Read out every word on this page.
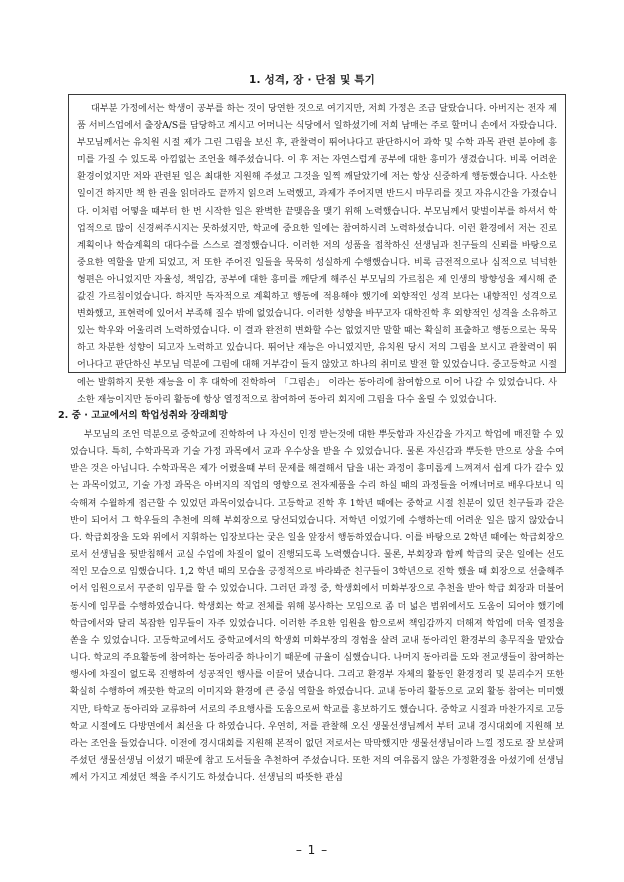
1. 성격, 장 · 단점 및 특기

대부분 가정에서는 학생이 공부를 하는 것이 당연한 것으로 여기지만, 저희 가정은 조금 달랐습니다. 아버지는 전자 제품 서비스업에서 출장A/S를 담당하고 계시고 어머니는 식당에서 일하셨기에 저희 남매는 주로 할머니 손에서 자랐습니다. 부모님께서는 유치원 시절 제가 그린 그림을 보신 후, 관찰력이 뛰어나다고 판단하시어 과학 및 수학 과목 관련 분야에 흥미를 가질 수 있도록 아낌없는 조언을 해주셨습니다. 이 후 저는 자연스럽게 공부에 대한 흥미가 생겼습니다. 비록 어려운 환경이었지만 저와 관련된 일은 최대한 지원해 주셨고 그것을 일찍 깨달았기에 저는 항상 신중하게 행동했습니다. 사소한 일이건 하지만 책 한 권을 읽더라도 끝까지 읽으려 노력했고, 과제가 주어지면 반드시 마무리를 짓고 자유시간을 가졌습니다. 이처럼 어떻을 때부터 한 번 시작한 일은 완벽한 끝맺음을 맺기 위해 노력했습니다. 부모님께서 맞벌이부를 하셔서 학업적으로 많이 신경써주시지는 못하셨지만, 학교에 중요한 일에는 참여하시려 노력하셨습니다. 이런 환경에서 저는 진로 계획이나 학습계획의 대다수를 스스로 결정했습니다. 이러한 저의 성품을 접착하신 선생님과 친구들의 신뢰를 바탕으로 중요한 역할을 맡게 되었고, 저 또한 주어진 일들을 묵묵히 성실하게 수행했습니다. 비록 금전적으로나 심적으로 넉넉한 형편은 아니었지만 자율성, 책임감, 공부에 대한 흥미를 깨닫게 해주신 부모님의 가르침은 제 인생의 방향성을 제시해 준 값진 가르침이었습니다. 하지만 독자적으로 계획하고 행동에 적용해야 했기에 외향적인 성격 보다는 내향적인 성격으로 변화했고, 표현력에 있어서 부족해 질수 밖에 없었습니다. 이러한 성향을 바꾸고자 대학진학 후 외향적인 성격을 소유하고 있는 학우와 어울리려 노력하였습니다. 이 결과 완전히 변화할 수는 없었지만 말할 때는 확실히 표출하고 행동으로는 묵묵하고 차분한 성향이 되고자 노력하고 있습니다. 뛰어난 재능은 아니였지만, 유치원 당시 저의 그림을 보시고 관찰력이 뛰어나다고 판단하신 부모님 덕분에 그림에 대해 거부감이 들지 않았고 하나의 취미로 발전 할 있었습니다. 중고등학교 시절에는 발휘하지 못한 재능을 이 후 대학에 진학하여 「그림손」 이라는 동아리에 참여함으로 이어 나갈 수 있었습니다. 사소한 재능이지만 동아리 활동에 항상 열정적으로 참여하여 동아리 회지에 그림을 다수 올릴 수 있었습니다.

2. 중 · 고교에서의 학업성취와 장래희망

부모님의 조언 덕분으로 중학교에 진학하여 나 자신이 인정 받는것에 대한 뿌듯함과 자신감을 가지고 학업에 매진할 수 있었습니다. 특히, 수학과목과 기술 가정 과목에서 교과 우수상을 받을 수 있었습니다. 물론 자신감과 뿌듯한 만으로 상을 수여받은 것은 아닙니다. 수학과목은 제가 어렸을때 부터 문제를 해결해서 답을 내는 과정이 흥미롭게 느껴져서 쉽게 다가 갈수 있는 과목이었고, 기술 가정 과목은 아버지의 직업의 영향으로 전자제품을 수리 하실 때의 과정들을 어깨너머로 배우다보니 익숙해져 수월하게 접근할 수 있었던 과목이었습니다. 고등학교 진학 후 1학년 때에는 중학교 시절 친분이 있던 친구들과 같은 반이 되어서 그 학우들의 추천에 의해 부회장으로 당선되었습니다. 저학년 이었기에 수행하는데 어려운 일은 많지 않았습니다. 학급회장을 도와 위에서 지휘하는 입장보다는 궂은 일을 앞장서 행동하였습니다. 이를 바탕으로 2학년 때에는 학급회장으로서 선생님을 뒷받침해서 교실 수업에 차질이 없이 진행되도록 노력했습니다. 물론, 부회장과 함께 학급의 궂은 일에는 선도적인 모습으로 임했습니다. 1,2 학년 때의 모습을 긍정적으로 바라봐준 친구들이 3학년으로 진학 했을 때 회장으로 선출해주어서 임원으로서 꾸준히 임무를 할 수 있었습니다. 그러던 과정 중, 학생회에서 미화부장으로 추천을 받아 학급 회장과 더불어 동시에 임무를 수행하였습니다. 학생회는 학교 전체를 위해 봉사하는 모임으로 좀 더 넓은 범위에서도 도움이 되어야 했기에 학급에서와 달리 복잡한 임무들이 자주 있었습니다. 이러한 주요한 임원을 함으로써 책임감까지 더해져 학업에 더욱 열정을 쏟을 수 있었습니다. 고등학교에서도 중학교에서의 학생회 미화부장의 경험을 살려 교내 동아리인 환경부의 총무직을 맡았습니다. 학교의 주요활동에 참여하는 동아리중 하나이기 때문에 규율이 심했습니다. 나머지 동아리를 도와 전교생들이 참여하는 행사에 차질이 없도록 진행하여 성공적인 행사를 이끌어 냈습니다. 그리고 환경부 자체의 활동인 환경정리 및 분리수거 또한 확실히 수행하여 깨끗한 학교의 이미지와 환경에 큰 중심 역할을 하였습니다. 교내 동아리 활동으로 교외 활동 참여는 미미했지만, 타학교 동아리와 교류하여 서로의 주요행사를 도움으로써 학교를 홍보하기도 했습니다. 중학교 시절과 마찬가지로 고등학교 시절에도 다방면에서 최선을 다 하였습니다. 우연히, 저를 관찰해 오신 생물선생님께서 부터 교내 경시대회에 지원해 보라는 조언을 들었습니다. 이전에 경시대회를 지원해 본적이 없던 저로서는 막막했지만 생물선생님이라 느낄 정도로 잘 보살펴 주셨던 생물선생님 이셨기 때문에 참고 도서들을 추천하여 주셨습니다. 또한 저의 여유롭지 않은 가정환경을 아셨기에 선생님께서 가지고 계셨던 책을 주시기도 하셨습니다. 선생님의 따뜻한 관심

– 1 –
